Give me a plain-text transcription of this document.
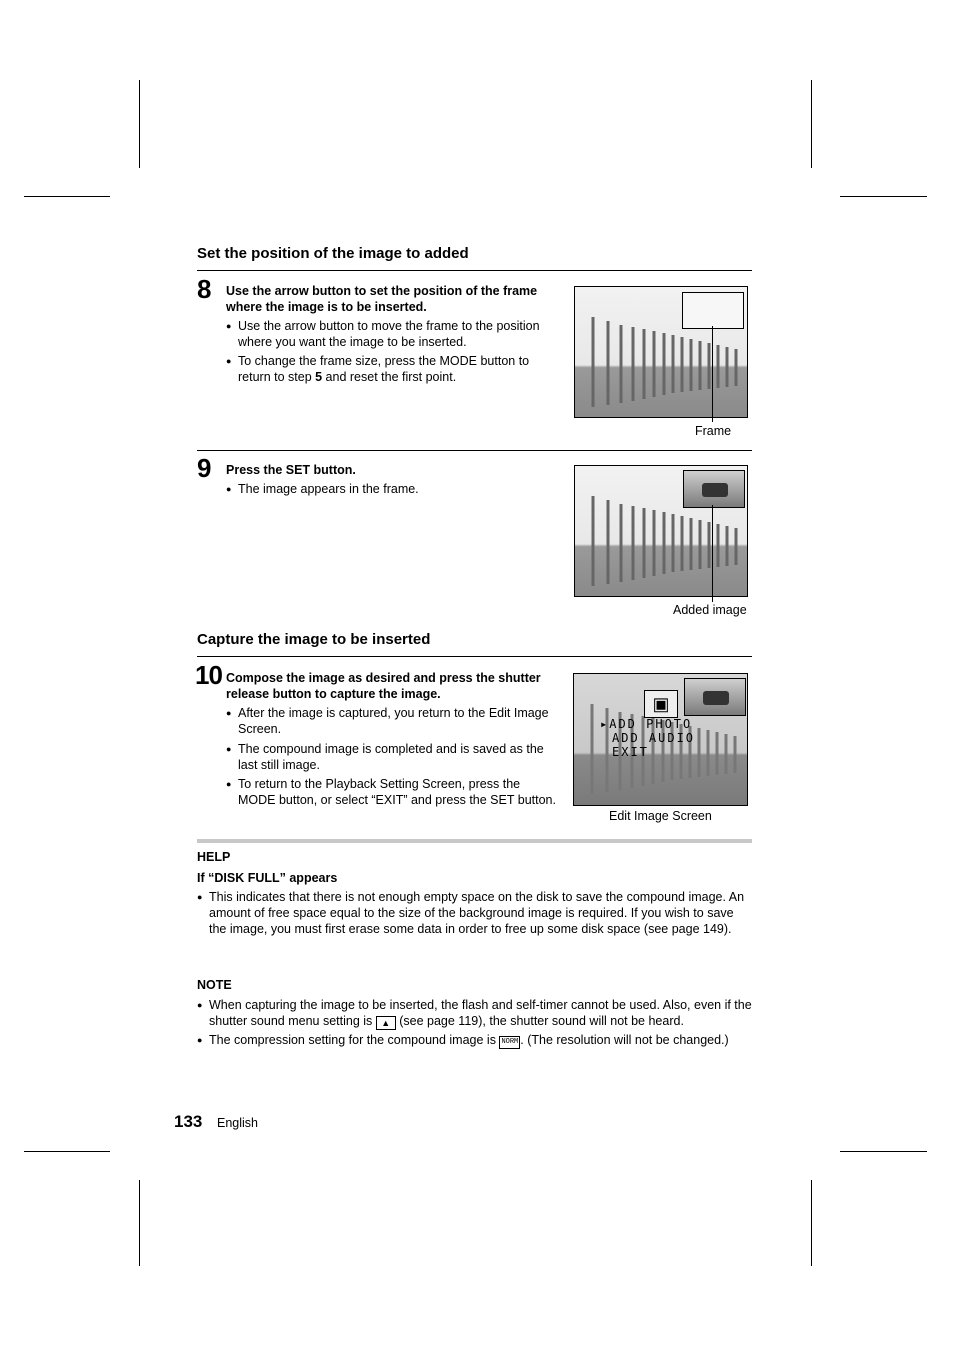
Set the position of the image to added
8 Use the arrow button to set the position of the frame where the image is to be inserted.
● Use the arrow button to move the frame to the position where you want the image to be inserted.
● To change the frame size, press the MODE button to return to step 5 and reset the first point.
Frame
9 Press the SET button.
● The image appears in the frame.
Added image
Capture the image to be inserted
10 Compose the image as desired and press the shutter release button to capture the image.
● After the image is captured, you return to the Edit Image Screen.
● The compound image is completed and is saved as the last still image.
● To return to the Playback Setting Screen, press the MODE button, or select “EXIT” and press the SET button.
▣
▸ADD PHOTO
ADD AUDIO
EXIT
Edit Image Screen
HELP
If “DISK FULL” appears
● This indicates that there is not enough empty space on the disk to save the compound image. An amount of free space equal to the size of the background image is required. If you wish to save the image, you must first erase some data in order to free up some disk space (see page 149).
NOTE
● When capturing the image to be inserted, the flash and self-timer cannot be used. Also, even if the shutter sound menu setting is ▲ (see page 119), the shutter sound will not be heard.
● The compression setting for the compound image is NORM . (The resolution will not be changed.)
133 English
